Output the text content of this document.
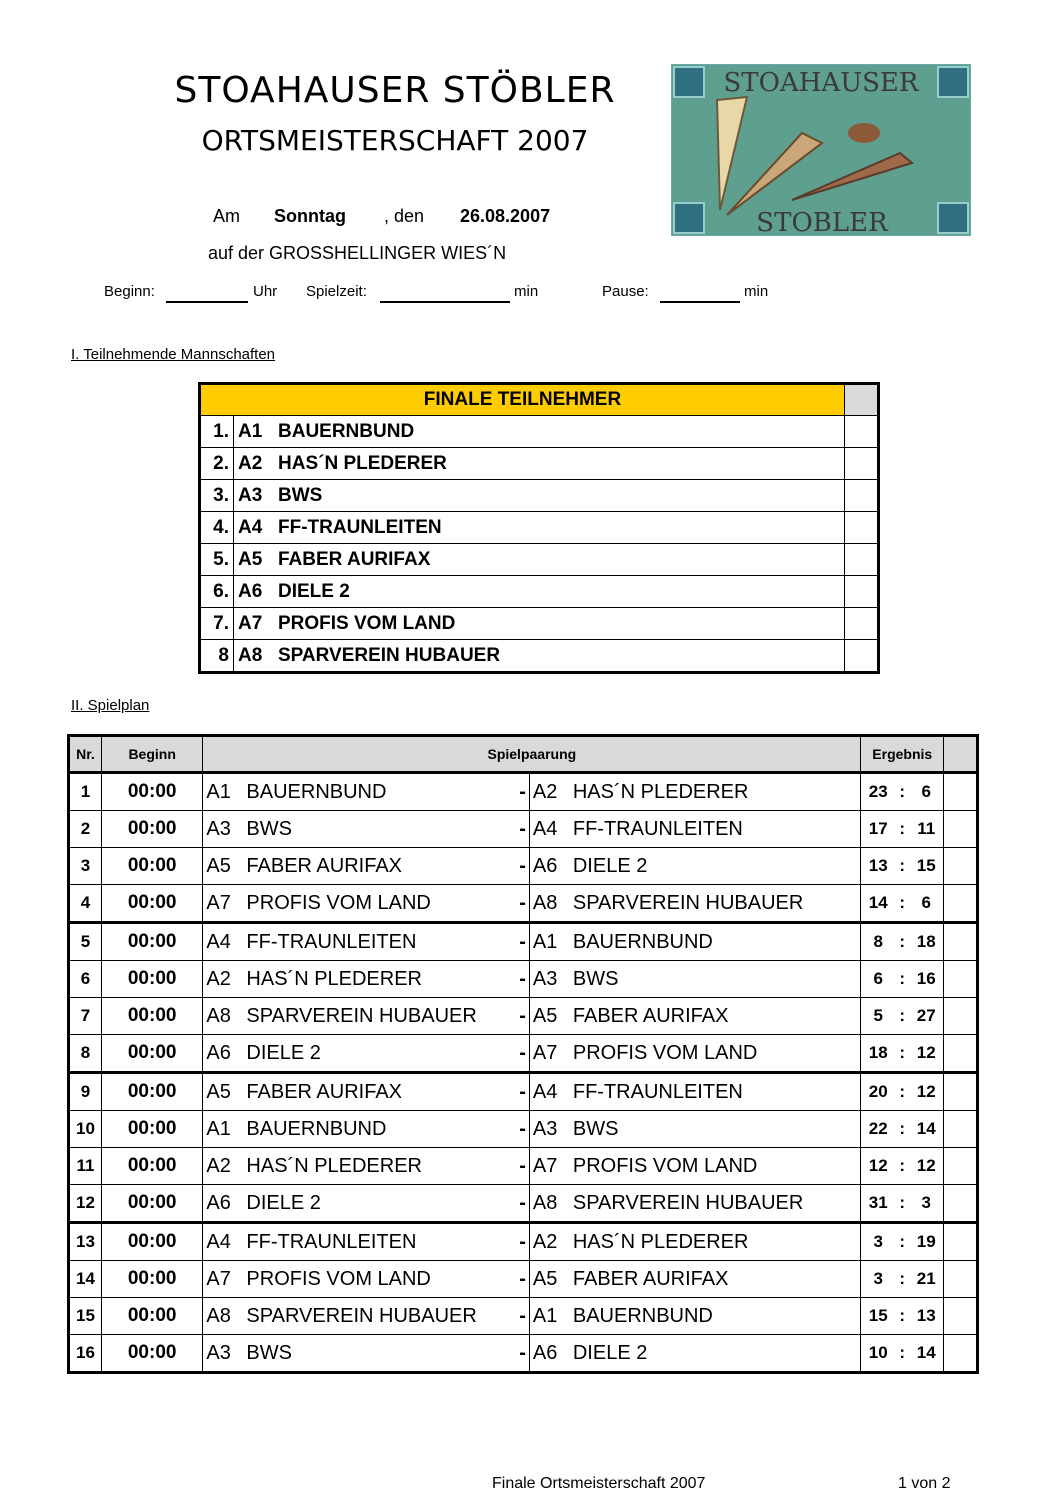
STOAHAUSER STÖBLER
ORTSMEISTERSCHAFT 2007
STOAHAUSER
STOBLER
Am Sonntag , den 26.08.2007
auf der GROSSHELLINGER WIES´N
Beginn:	Uhr Spielzeit:	min	Pause:	min
I. Teilnehmende Mannschaften
FINALE TEILNEHMER			
1.	A1	BAUERNBUND	
2.	A2	HAS´N PLEDERER	
3.	A3	BWS	
4.	A4	FF-TRAUNLEITEN	
5.	A5	FABER AURIFAX	
6.	A6	DIELE 2	
7.	A7	PROFIS VOM LAND	
8	A8	SPARVEREIN HUBAUER	
II. Spielplan
Nr.	Beginn	Spielpaarung		Ergebnis	
1	00:00	A1 BAUERNBUND -	A2 HAS´N PLEDERER	23 : 6	
2	00:00	A3 BWS -	A4 FF-TRAUNLEITEN	17 : 11	
3	00:00	A5 FABER AURIFAX -	A6 DIELE 2	13 : 15	
4	00:00	A7 PROFIS VOM LAND -	A8 SPARVEREIN HUBAUER	14 : 6	
5	00:00	A4 FF-TRAUNLEITEN -	A1 BAUERNBUND	8 : 18	
6	00:00	A2 HAS´N PLEDERER -	A3 BWS	6 : 16	
7	00:00	A8 SPARVEREIN HUBAUER -	A5 FABER AURIFAX	5 : 27	
8	00:00	A6 DIELE 2 -	A7 PROFIS VOM LAND	18 : 12	
9	00:00	A5 FABER AURIFAX -	A4 FF-TRAUNLEITEN	20 : 12	
10	00:00	A1 BAUERNBUND -	A3 BWS	22 : 14	
11	00:00	A2 HAS´N PLEDERER -	A7 PROFIS VOM LAND	12 : 12	
12	00:00	A6 DIELE 2 -	A8 SPARVEREIN HUBAUER	31 : 3	
13	00:00	A4 FF-TRAUNLEITEN -	A2 HAS´N PLEDERER	3 : 19	
14	00:00	A7 PROFIS VOM LAND -	A5 FABER AURIFAX	3 : 21	
15	00:00	A8 SPARVEREIN HUBAUER -	A1 BAUERNBUND	15 : 13	
16	00:00	A3 BWS -	A6 DIELE 2	10 : 14	
Finale Ortsmeisterschaft 2007	1 von 2
